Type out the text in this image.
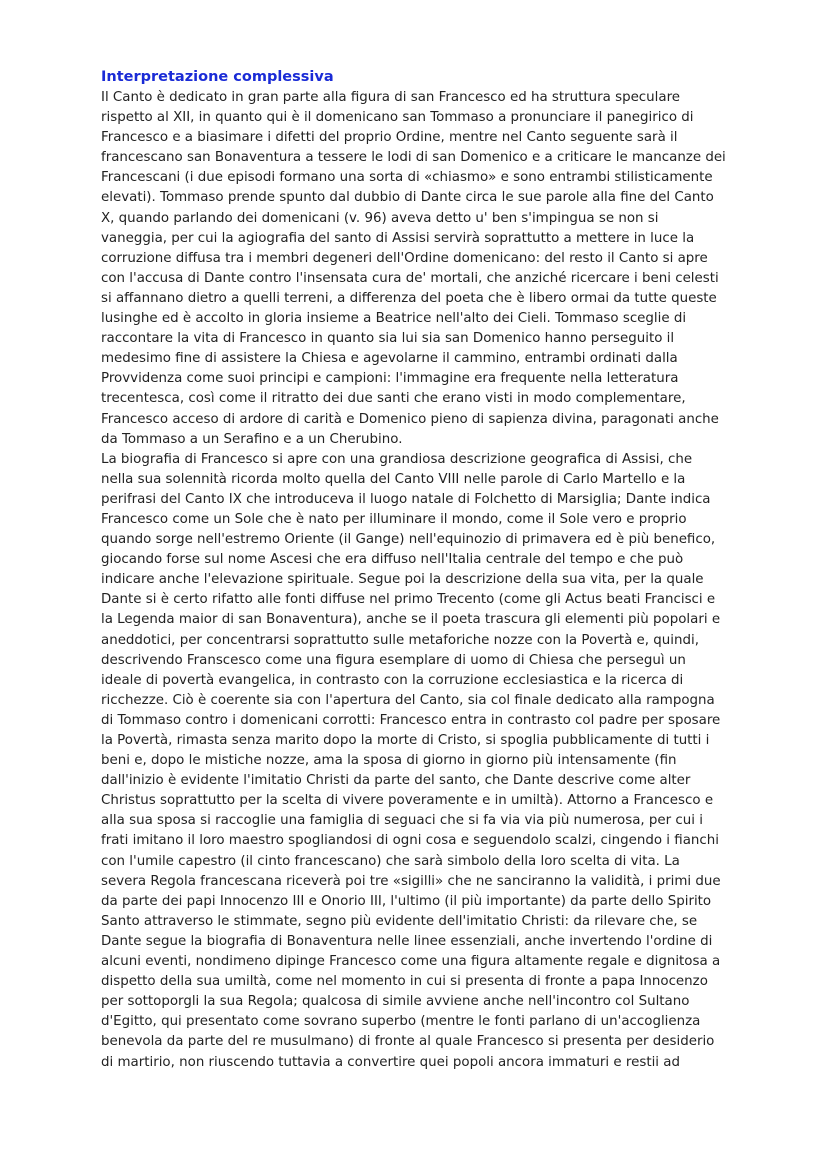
Interpretazione complessiva

Il Canto è dedicato in gran parte alla figura di san Francesco ed ha struttura speculare rispetto al XII, in quanto qui è il domenicano san Tommaso a pronunciare il panegirico di Francesco e a biasimare i difetti del proprio Ordine, mentre nel Canto seguente sarà il francescano san Bonaventura a tessere le lodi di san Domenico e a criticare le mancanze dei Francescani (i due episodi formano una sorta di «chiasmo» e sono entrambi stilisticamente elevati). Tommaso prende spunto dal dubbio di Dante circa le sue parole alla fine del Canto X, quando parlando dei domenicani (v. 96) aveva detto u' ben s'impingua se non si vaneggia, per cui la agiografia del santo di Assisi servirà soprattutto a mettere in luce la corruzione diffusa tra i membri degeneri dell'Ordine domenicano: del resto il Canto si apre con l'accusa di Dante contro l'insensata cura de' mortali, che anziché ricercare i beni celesti si affannano dietro a quelli terreni, a differenza del poeta che è libero ormai da tutte queste lusinghe ed è accolto in gloria insieme a Beatrice nell'alto dei Cieli. Tommaso sceglie di raccontare la vita di Francesco in quanto sia lui sia san Domenico hanno perseguito il medesimo fine di assistere la Chiesa e agevolarne il cammino, entrambi ordinati dalla Provvidenza come suoi principi e campioni: l'immagine era frequente nella letteratura trecentesca, così come il ritratto dei due santi che erano visti in modo complementare, Francesco acceso di ardore di carità e Domenico pieno di sapienza divina, paragonati anche da Tommaso a un Serafino e a un Cherubino.

La biografia di Francesco si apre con una grandiosa descrizione geografica di Assisi, che nella sua solennità ricorda molto quella del Canto VIII nelle parole di Carlo Martello e la perifrasi del Canto IX che introduceva il luogo natale di Folchetto di Marsiglia; Dante indica Francesco come un Sole che è nato per illuminare il mondo, come il Sole vero e proprio quando sorge nell'estremo Oriente (il Gange) nell'equinozio di primavera ed è più benefico, giocando forse sul nome Ascesi che era diffuso nell'Italia centrale del tempo e che può indicare anche l'elevazione spirituale. Segue poi la descrizione della sua vita, per la quale Dante si è certo rifatto alle fonti diffuse nel primo Trecento (come gli Actus beati Francisci e la Legenda maior di san Bonaventura), anche se il poeta trascura gli elementi più popolari e aneddotici, per concentrarsi soprattutto sulle metaforiche nozze con la Povertà e, quindi, descrivendo Franscesco come una figura esemplare di uomo di Chiesa che perseguì un ideale di povertà evangelica, in contrasto con la corruzione ecclesiastica e la ricerca di ricchezze. Ciò è coerente sia con l'apertura del Canto, sia col finale dedicato alla rampogna di Tommaso contro i domenicani corrotti: Francesco entra in contrasto col padre per sposare la Povertà, rimasta senza marito dopo la morte di Cristo, si spoglia pubblicamente di tutti i beni e, dopo le mistiche nozze, ama la sposa di giorno in giorno più intensamente (fin dall'inizio è evidente l'imitatio Christi da parte del santo, che Dante descrive come alter Christus soprattutto per la scelta di vivere poveramente e in umiltà). Attorno a Francesco e alla sua sposa si raccoglie una famiglia di seguaci che si fa via via più numerosa, per cui i frati imitano il loro maestro spogliandosi di ogni cosa e seguendolo scalzi, cingendo i fianchi con l'umile capestro (il cinto francescano) che sarà simbolo della loro scelta di vita. La severa Regola francescana riceverà poi tre «sigilli» che ne sanciranno la validità, i primi due da parte dei papi Innocenzo III e Onorio III, l'ultimo (il più importante) da parte dello Spirito Santo attraverso le stimmate, segno più evidente dell'imitatio Christi: da rilevare che, se Dante segue la biografia di Bonaventura nelle linee essenziali, anche invertendo l'ordine di alcuni eventi, nondimeno dipinge Francesco come una figura altamente regale e dignitosa a dispetto della sua umiltà, come nel momento in cui si presenta di fronte a papa Innocenzo per sottoporgli la sua Regola; qualcosa di simile avviene anche nell'incontro col Sultano d'Egitto, qui presentato come sovrano superbo (mentre le fonti parlano di un'accoglienza benevola da parte del re musulmano) di fronte al quale Francesco si presenta per desiderio di martirio, non riuscendo tuttavia a convertire quei popoli ancora immaturi e restii ad
